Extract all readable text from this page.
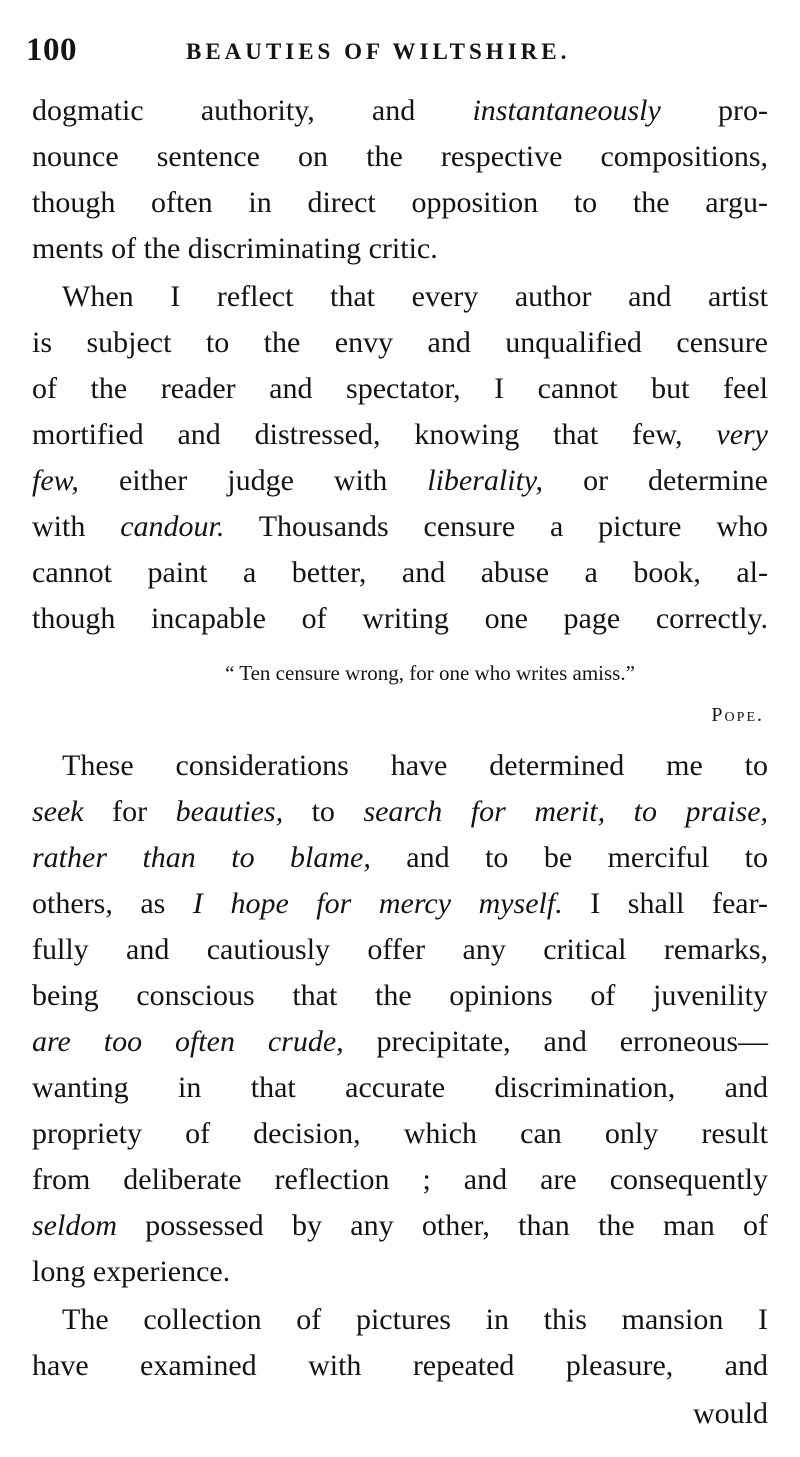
100	BEAUTIES OF WILTSHIRE.
dogmatic authority, and instantaneously pro-
nounce sentence on the respective compositions,
though often in direct opposition to the argu-
ments of the discriminating critic.
When I reflect that every author and artist
is subject to the envy and unqualified censure
of the reader and spectator, I cannot but feel
mortified and distressed, knowing that few, very
few, either judge with liberality, or determine
with candour. Thousands censure a picture who
cannot paint a better, and abuse a book, al-
though incapable of writing one page correctly.
“ Ten censure wrong, for one who writes amiss.”
Pope.
These considerations have determined me to
seek for beauties, to search for merit, to praise,
rather than to blame, and to be merciful to
others, as I hope for mercy myself. I shall fear-
fully and cautiously offer any critical remarks,
being conscious that the opinions of juvenility
are too often crude, precipitate, and erroneous—
wanting in that accurate discrimination, and
propriety of decision, which can only result
from deliberate reflection ; and are consequently
seldom possessed by any other, than the man of
long experience.
The collection of pictures in this mansion I
have examined with repeated pleasure, and
would
